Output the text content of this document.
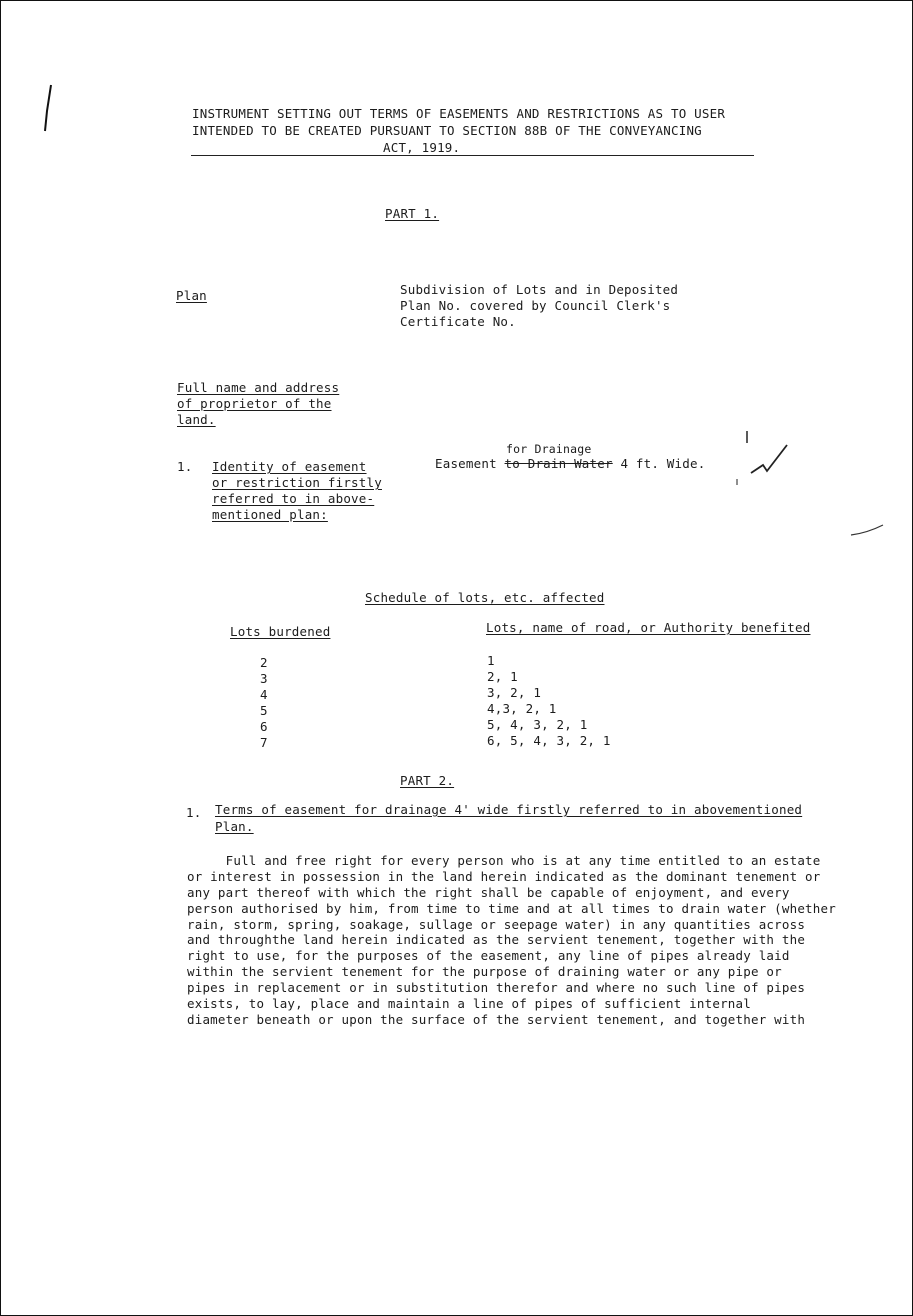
INSTRUMENT SETTING OUT TERMS OF EASEMENTS AND RESTRICTIONS AS TO USER
INTENDED TO BE CREATED PURSUANT TO SECTION 88B OF THE CONVEYANCING
ACT, 1919.
PART 1.
Plan	Subdivision of Lots and in Deposited
Plan No. covered by Council Clerk's
Certificate No.
Full name and address
of proprietor of the
land.
1. Identity of easement
or restriction firstly
referred to in above-
mentioned plan:
for Drainage
Easement to Drain Water 4 ft. Wide.
Schedule of lots, etc. affected
Lots burdened	Lots, name of road, or Authority benefited
2
3
4
5
6
7
1
2, 1
3, 2, 1
4,3, 2, 1
5, 4, 3, 2, 1
6, 5, 4, 3, 2, 1
PART 2.
1. Terms of easement for drainage 4' wide firstly referred to in abovementioned
Plan.
Full and free right for every person who is at any time entitled to an estate
or interest in possession in the land herein indicated as the dominant tenement or
any part thereof with which the right shall be capable of enjoyment, and every
person authorised by him, from time to time and at all times to drain water (whether
rain, storm, spring, soakage, sullage or seepage water) in any quantities across
and throughthe land herein indicated as the servient tenement, together with the
right to use, for the purposes of the easement, any line of pipes already laid
within the servient tenement for the purpose of draining water or any pipe or
pipes in replacement or in substitution therefor and where no such line of pipes
exists, to lay, place and maintain a line of pipes of sufficient internal
diameter beneath or upon the surface of the servient tenement, and together with
